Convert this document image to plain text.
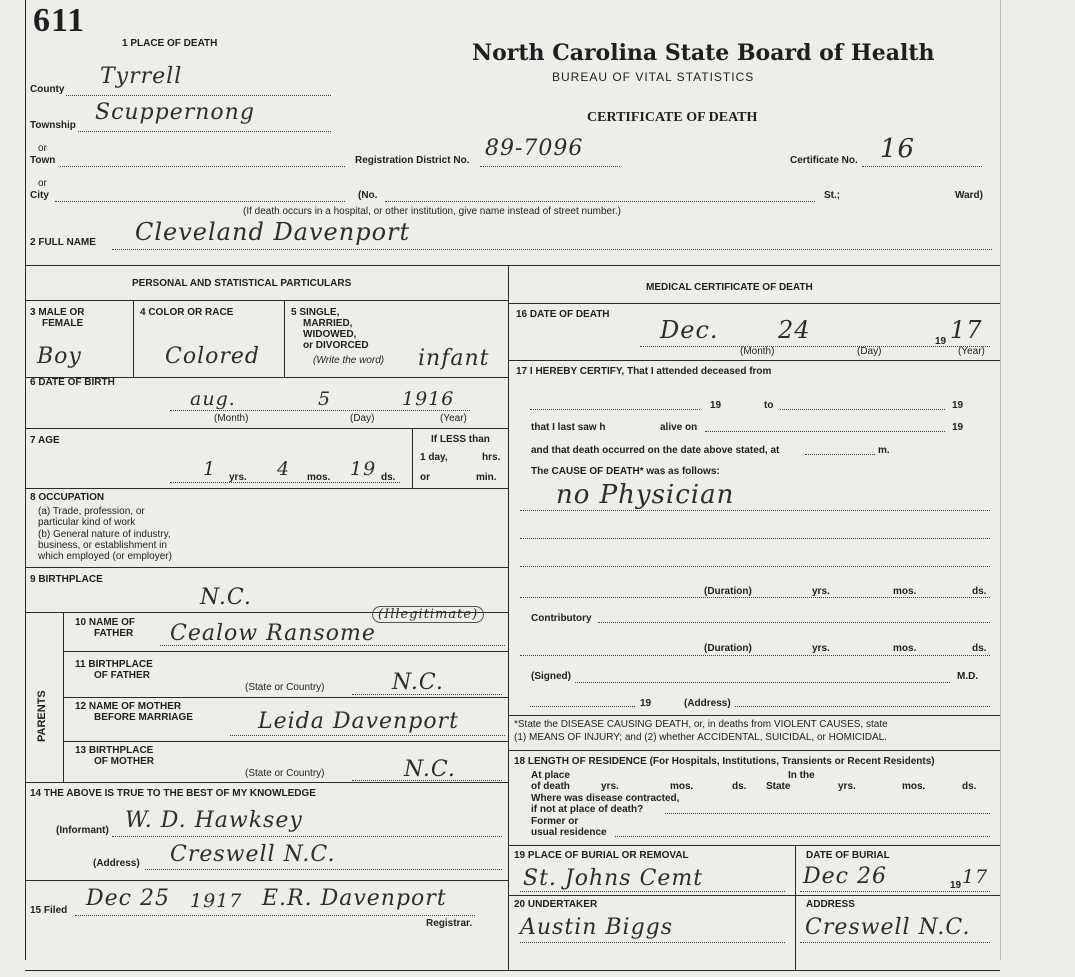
611
North Carolina State Board of Health
BUREAU OF VITAL STATISTICS
CERTIFICATE OF DEATH
1 PLACE OF DEATH
County
Tyrrell
Township
Scuppernong
or
Town	Registration District No. 89-7096	Certificate No. 16
or
City	(No.	St.;	Ward)
(If death occurs in a hospital, or other institution, give name instead of street number.)
2 FULL NAME Cleveland Davenport
PERSONAL AND STATISTICAL PARTICULARS	MEDICAL CERTIFICATE OF DEATH
3 MALE OR
FEMALE
Boy
4 COLOR OR RACE
Colored
5 SINGLE,
MARRIED,
WIDOWED,
or DIVORCED
(Write the word) infant
6 DATE OF BIRTH
aug.	5	1916
(Month)	(Day)	(Year)
7 AGE
1 yrs. 4 mos. 19 ds.
If LESS than
1 day,	hrs.
or	min.
8 OCCUPATION
(a) Trade, profession, or
particular kind of work
(b) General nature of industry,
business, or establishment in
which employed (or employer)
9 BIRTHPLACE
N.C.
PARENTS
10 NAME OF
FATHER Cealow Ransome
(Illegitimate)
11 BIRTHPLACE
OF FATHER
(State or Country)	N.C.
12 NAME OF MOTHER
BEFORE MARRIAGE	Leida Davenport
13 BIRTHPLACE
OF MOTHER
(State or Country)	N.C.
14 THE ABOVE IS TRUE TO THE BEST OF MY KNOWLEDGE
(Informant) W. D. Hawksey
(Address) Creswell N.C.
15 Filed Dec 25 1917 E.R. Davenport
Registrar.
16 DATE OF DEATH
Dec. 24	19 17
(Month)	(Day)	(Year)
17 I HEREBY CERTIFY, That I attended deceased from
19	to	19
that I last saw h	alive on	19
and that death occurred on the date above stated, at	m.
The CAUSE OF DEATH* was as follows:
no Physician
(Duration)	yrs.	mos.	ds.
Contributory
(Duration)	yrs.	mos.	ds.
(Signed)	M.D.
19	(Address)
*State the DISEASE CAUSING DEATH, or, in deaths from VIOLENT CAUSES, state
(1) MEANS OF INJURY; and (2) whether ACCIDENTAL, SUICIDAL, or HOMICIDAL.
18 LENGTH OF RESIDENCE (For Hospitals, Institutions, Transients or Recent Residents)
At place
of death	yrs.	mos.	ds.
In the
State	yrs.	mos.	ds.
Where was disease contracted,
if not at place of death?
Former or
usual residence
19 PLACE OF BURIAL OR REMOVAL
St. Johns Cemt
DATE OF BURIAL
Dec 26	19 17
20 UNDERTAKER
Austin Biggs
ADDRESS
Creswell N.C.
